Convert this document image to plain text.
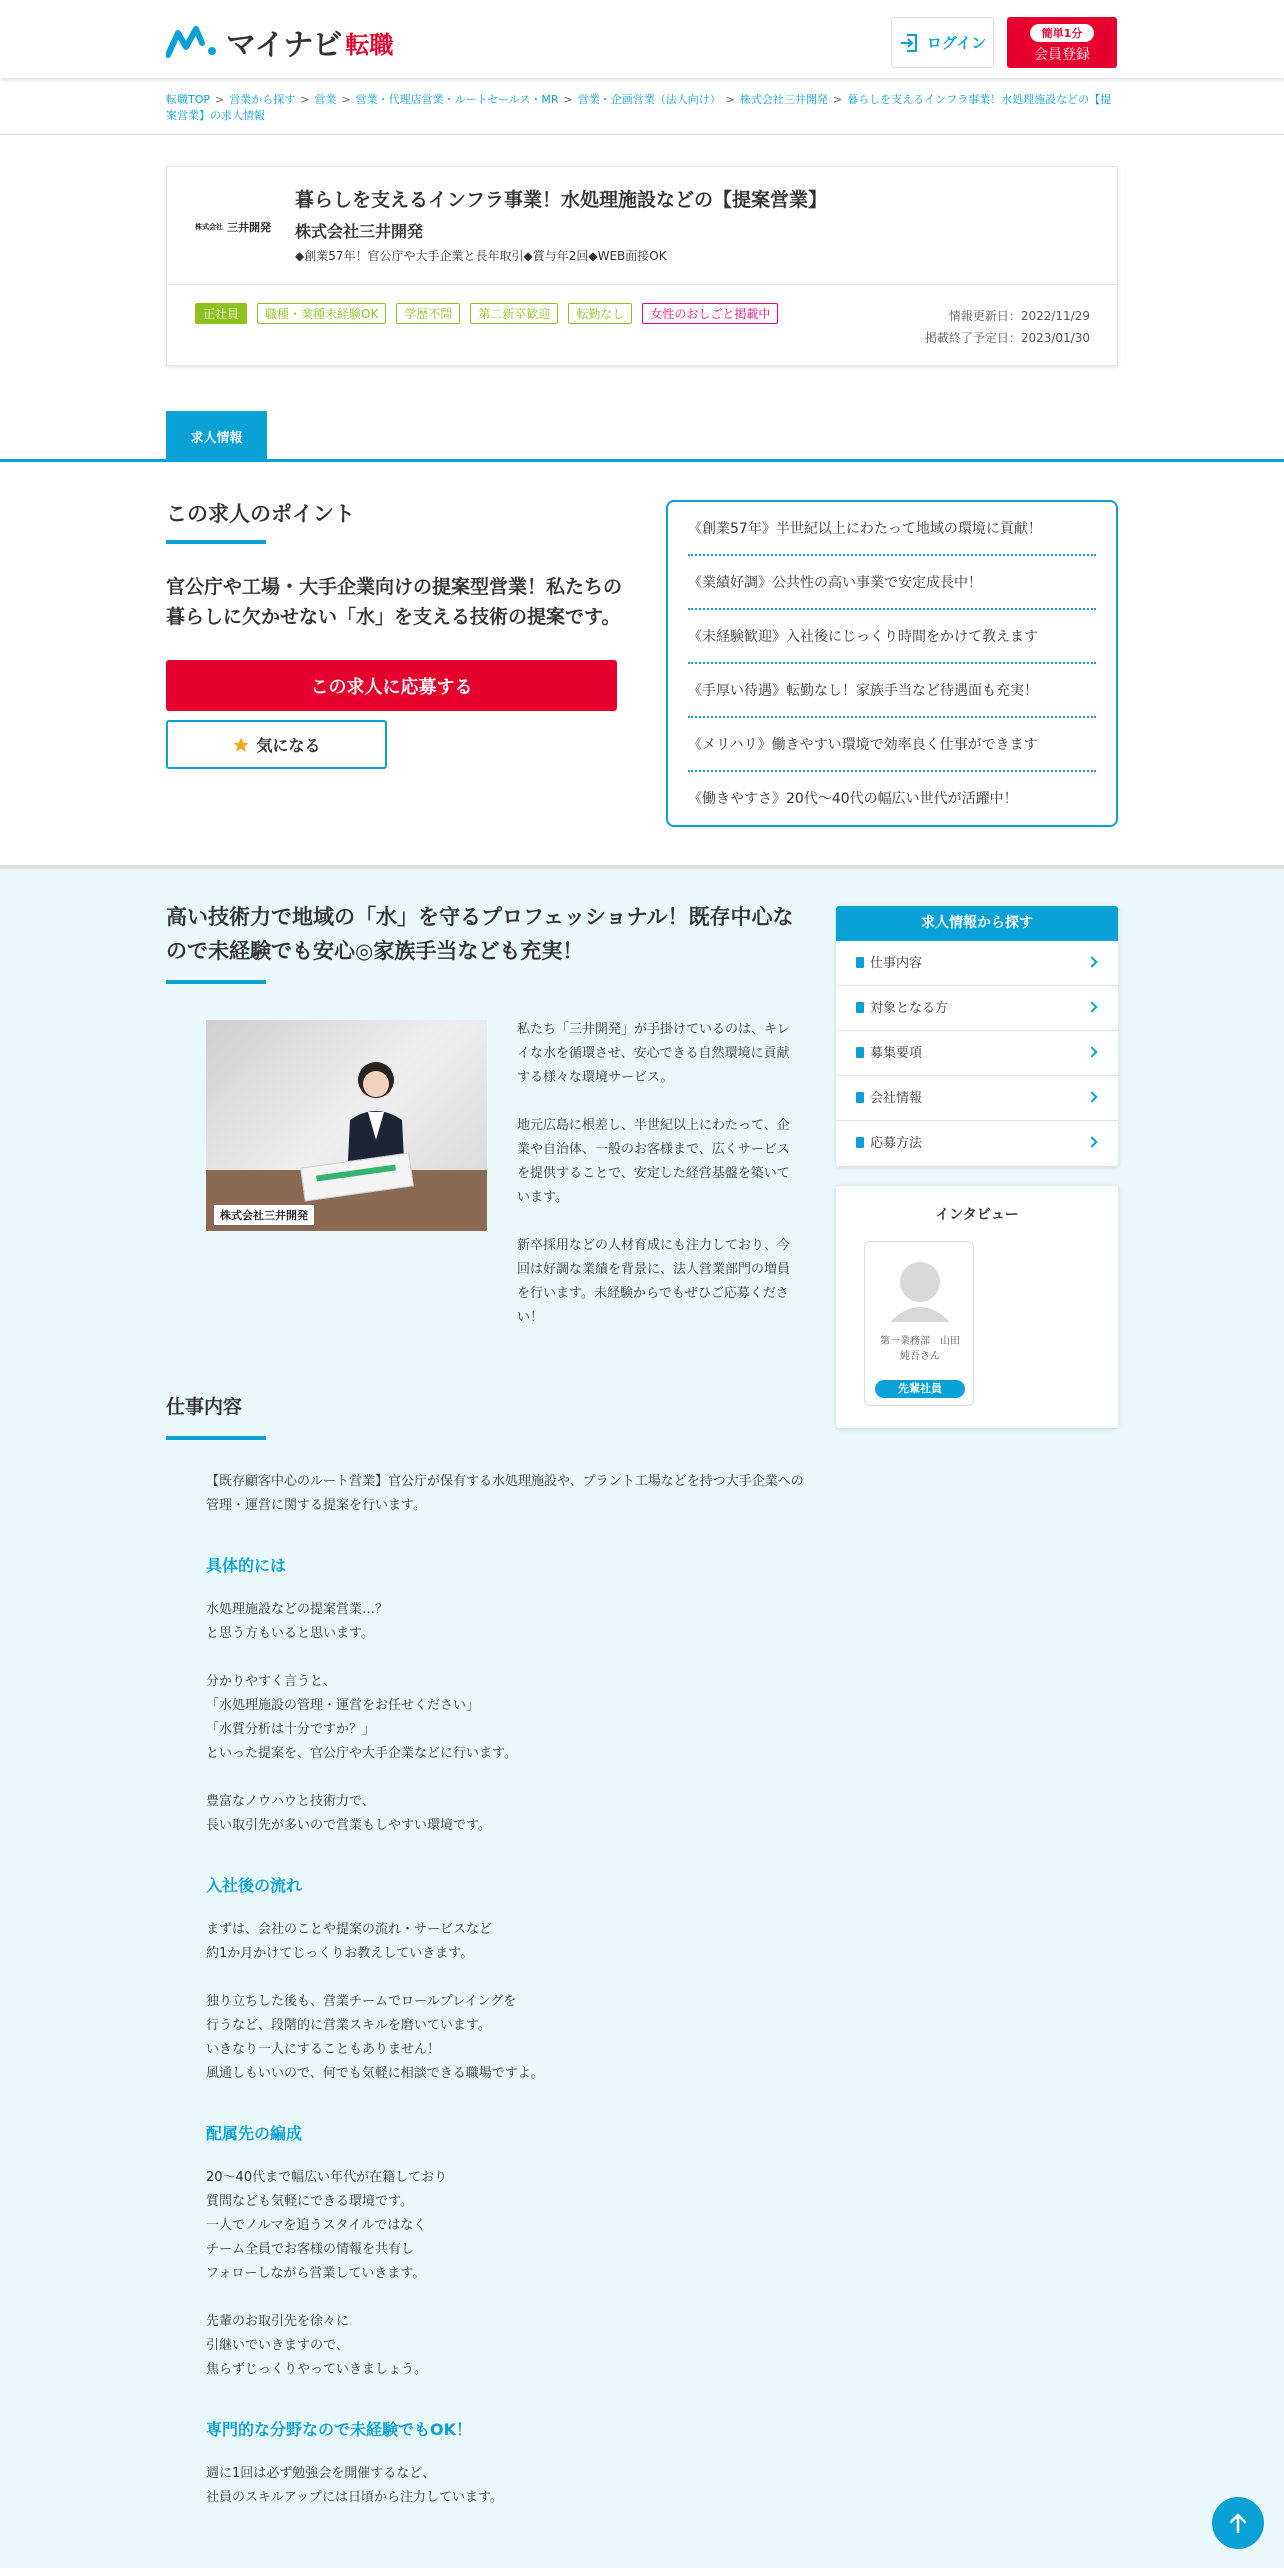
マイナビ 転職	ログイン
簡単1分
会員登録
転職TOP > 営業から探す > 営業 > 営業・代理店営業・ルートセールス・MR > 営業・企画営業（法人向け） > 株式会社三井開発 > 暮らしを支えるインフラ事業！水処理施設などの【提案営業】の求人情報
株式会社 三井開発
暮らしを支えるインフラ事業！水処理施設などの【提案営業】
株式会社三井開発
◆創業57年！官公庁や大手企業と長年取引◆賞与年2回◆WEB面接OK
正社員	職種・業種未経験OK	学歴不問	第二新卒歓迎	転勤なし	女性のおしごと掲載中	情報更新日：2022/11/29
掲載終了予定日：2023/01/30
求人情報
この求人のポイント
官公庁や工場・大手企業向けの提案型営業！私たちの暮らしに欠かせない「水」を支える技術の提案です。
この求人に応募する
気になる
《創業57年》半世紀以上にわたって地域の環境に貢献！
《業績好調》公共性の高い事業で安定成長中！
《未経験歓迎》入社後にじっくり時間をかけて教えます
《手厚い待遇》転勤なし！家族手当など待遇面も充実！
《メリハリ》働きやすい環境で効率良く仕事ができます
《働きやすさ》20代～40代の幅広い世代が活躍中！
高い技術力で地域の「水」を守るプロフェッショナル！既存中心なので未経験でも安心◎家族手当なども充実！
株式会社三井開発

私たち「三井開発」が手掛けているのは、キレイな水を循環させ、安心できる自然環境に貢献する様々な環境サービス。

地元広島に根差し、半世紀以上にわたって、企業や自治体、一般のお客様まで、広くサービスを提供することで、安定した経営基盤を築いています。

新卒採用などの人材育成にも注力しており、今回は好調な業績を背景に、法人営業部門の増員を行います。未経験からでもぜひご応募ください！

求人情報から探す
仕事内容
対象となる方
募集要項
会社情報
応募方法
インタビュー
第一業務部　山田
純吾さん
先輩社員
仕事内容
【既存顧客中心のルート営業】官公庁が保有する水処理施設や、プラント工場などを持つ大手企業への管理・運営に関する提案を行います。
具体的には

水処理施設などの提案営業…？
と思う方もいると思います。

分かりやすく言うと、
「水処理施設の管理・運営をお任せください」
「水質分析は十分ですか？」
といった提案を、官公庁や大手企業などに行います。

豊富なノウハウと技術力で、
長い取引先が多いので営業もしやすい環境です。

入社後の流れ

まずは、会社のことや提案の流れ・サービスなど
約1か月かけてじっくりお教えしていきます。

独り立ちした後も、営業チームでロールプレイングを
行うなど、段階的に営業スキルを磨いています。
いきなり一人にすることもありません！
風通しもいいので、何でも気軽に相談できる職場ですよ。

配属先の編成

20～40代まで幅広い年代が在籍しており
質問なども気軽にできる環境です。
一人でノルマを追うスタイルではなく
チーム全員でお客様の情報を共有し
フォローしながら営業していきます。

先輩のお取引先を徐々に
引継いでいきますので、
焦らずじっくりやっていきましょう。

専門的な分野なので未経験でもOK！

週に1回は必ず勉強会を開催するなど、
社員のスキルアップには日頃から注力しています。
